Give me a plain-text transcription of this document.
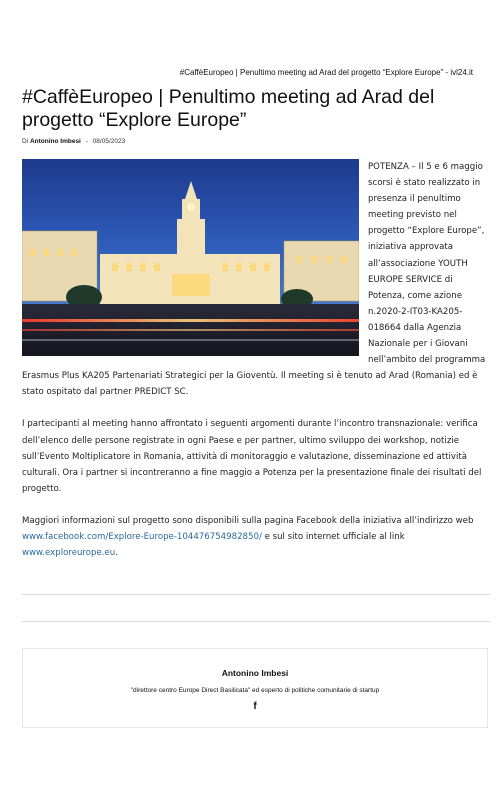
#CaffèEuropeo | Penultimo meeting ad Arad del progetto “Explore Europe” - ivl24.it
#CaffèEuropeo | Penultimo meeting ad Arad del progetto “Explore Europe”
Di Antonino Imbesi - 08/05/2023

POTENZA – Il 5 e 6 maggio scorsi è stato realizzato in presenza il penultimo meeting previsto nel progetto “Explore Europe”, iniziativa approvata all’associazione YOUTH EUROPE SERVICE di Potenza, come azione n.2020-2-IT03-KA205-018664 dalla Agenzia Nazionale per i Giovani nell’ambito del programma Erasmus Plus KA205 Partenariati Strategici per la Gioventù. Il meeting si è tenuto ad Arad (Romania) ed è stato ospitato dal partner PREDICT SC.

I partecipanti al meeting hanno affrontato i seguenti argomenti durante l’incontro transnazionale: verifica dell’elenco delle persone registrate in ogni Paese e per partner, ultimo sviluppo dei workshop, notizie sull’Evento Moltiplicatore in Romania, attività di monitoraggio e valutazione, disseminazione ed attività culturali. Ora i partner si incontreranno a fine maggio a Potenza per la presentazione finale dei risultati del progetto.

Maggiori informazioni sul progetto sono disponibili sulla pagina Facebook della iniziativa all’indirizzo web www.facebook.com/Explore-Europe-104476754982850/ e sul sito internet ufficiale al link www.exploreurope.eu.

Antonino Imbesi
"direttore centro Europe Direct Basilicata" ed esperto di politiche comunitarie di startup
f
